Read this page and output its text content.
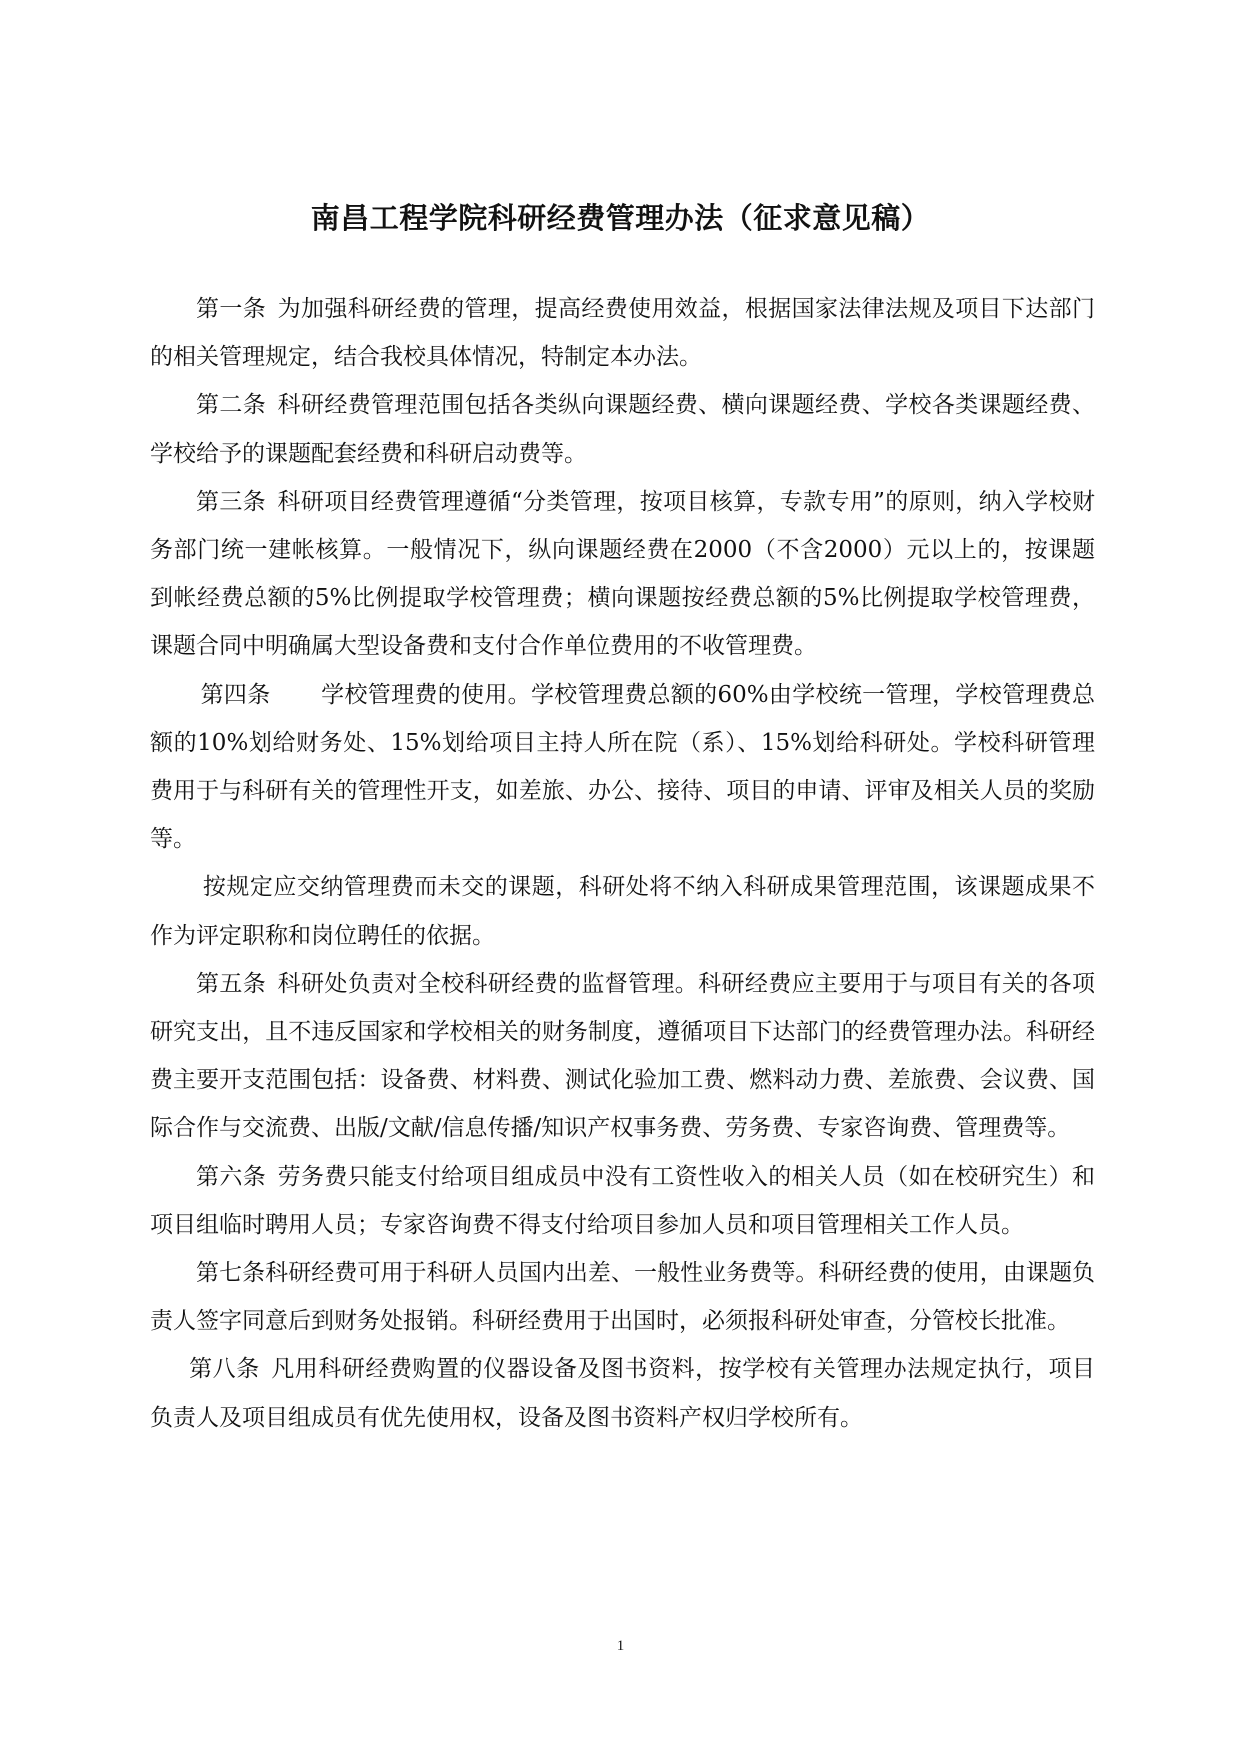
南昌工程学院科研经费管理办法（征求意见稿）

第一条 为加强科研经费的管理，提高经费使用效益，根据国家法律法规及项目下达部门的相关管理规定，结合我校具体情况，特制定本办法。

第二条 科研经费管理范围包括各类纵向课题经费、横向课题经费、学校各类课题经费、学校给予的课题配套经费和科研启动费等。

第三条 科研项目经费管理遵循“分类管理，按项目核算，专款专用”的原则，纳入学校财务部门统一建帐核算。一般情况下，纵向课题经费在2000（不含2000）元以上的，按课题到帐经费总额的5%比例提取学校管理费；横向课题按经费总额的5%比例提取学校管理费，课题合同中明确属大型设备费和支付合作单位费用的不收管理费。

第四条 学校管理费的使用。学校管理费总额的60%由学校统一管理，学校管理费总额的10%划给财务处、15%划给项目主持人所在院（系）、15%划给科研处。学校科研管理费用于与科研有关的管理性开支，如差旅、办公、接待、项目的申请、评审及相关人员的奖励等。

按规定应交纳管理费而未交的课题，科研处将不纳入科研成果管理范围，该课题成果不作为评定职称和岗位聘任的依据。

第五条 科研处负责对全校科研经费的监督管理。科研经费应主要用于与项目有关的各项研究支出，且不违反国家和学校相关的财务制度，遵循项目下达部门的经费管理办法。科研经费主要开支范围包括：设备费、材料费、测试化验加工费、燃料动力费、差旅费、会议费、国际合作与交流费、出版/文献/信息传播/知识产权事务费、劳务费、专家咨询费、管理费等。

第六条 劳务费只能支付给项目组成员中没有工资性收入的相关人员（如在校研究生）和项目组临时聘用人员；专家咨询费不得支付给项目参加人员和项目管理相关工作人员。

第七条科研经费可用于科研人员国内出差、一般性业务费等。科研经费的使用，由课题负责人签字同意后到财务处报销。科研经费用于出国时，必须报科研处审查，分管校长批准。

第八条 凡用科研经费购置的仪器设备及图书资料，按学校有关管理办法规定执行，项目负责人及项目组成员有优先使用权，设备及图书资料产权归学校所有。

1
